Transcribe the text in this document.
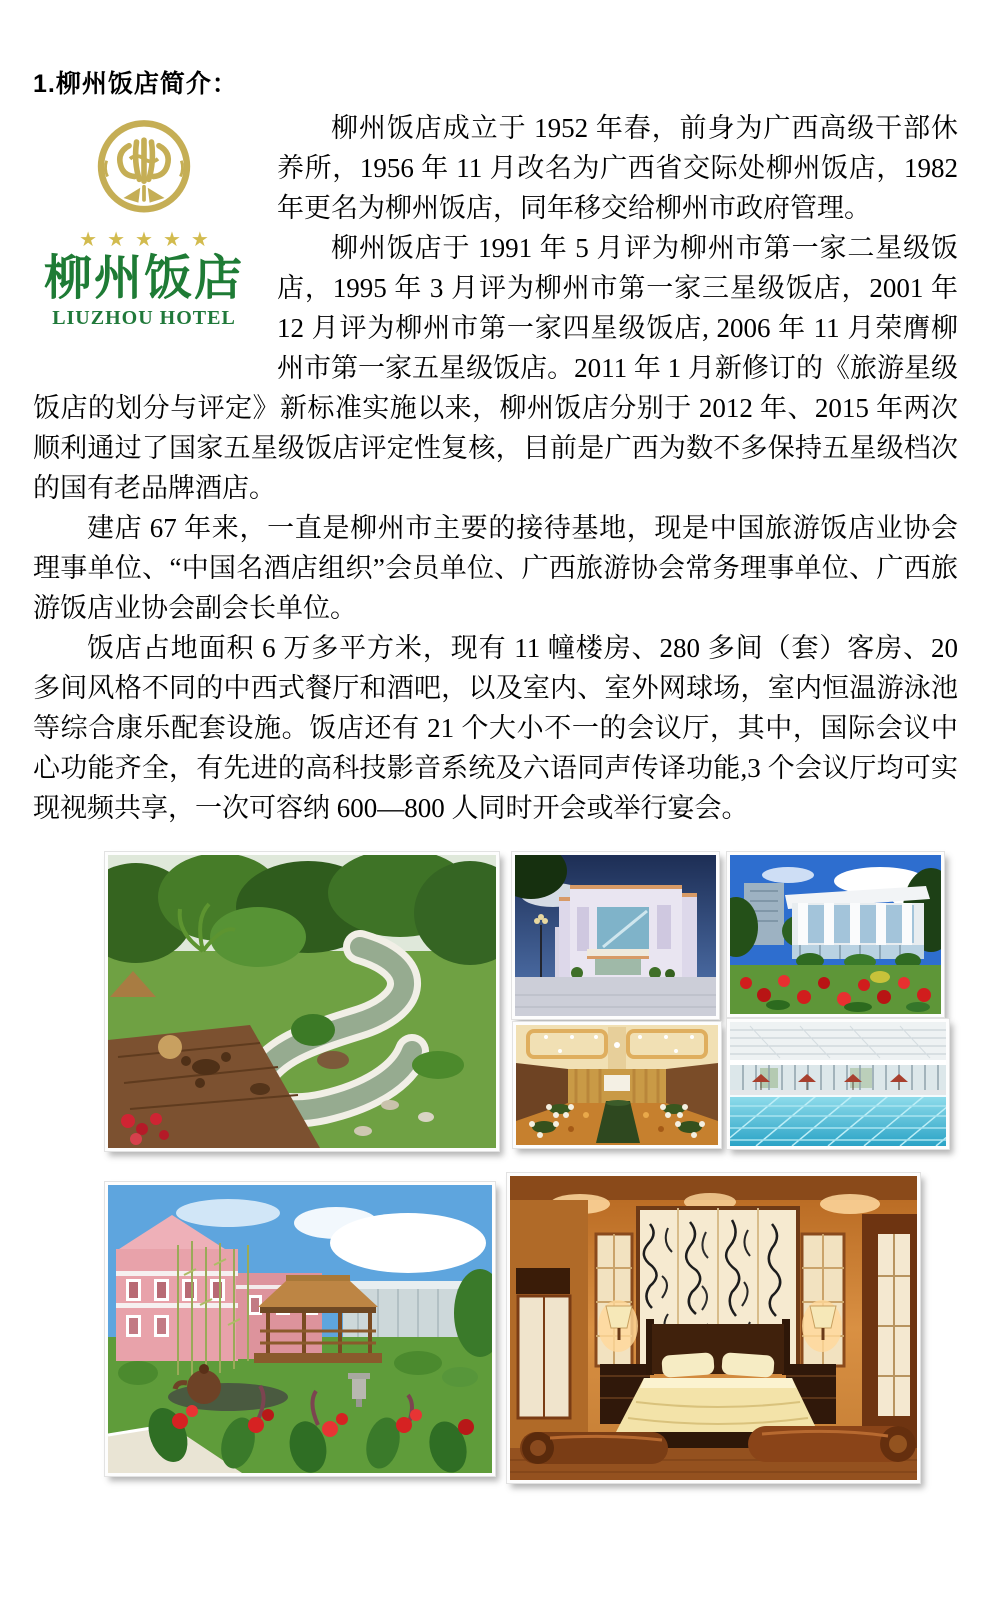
1.柳州饭店简介：
★★★★★
柳州饭店
LIUZHOU HOTEL

柳州饭店成立于 1952 年春，前身为广西高级干部休养所，1956 年 11 月改名为广西省交际处柳州饭店，1982 年更名为柳州饭店，同年移交给柳州市政府管理。

柳州饭店于 1991 年 5 月评为柳州市第一家二星级饭店，1995 年 3 月评为柳州市第一家三星级饭店，2001 年 12 月评为柳州市第一家四星级饭店, 2006 年 11 月荣膺柳州市第一家五星级饭店。2011 年 1 月新修订的《旅游星级饭店的划分与评定》新标准实施以来，柳州饭店分别于 2012 年、2015 年两次顺利通过了国家五星级饭店评定性复核，目前是广西为数不多保持五星级档次的国有老品牌酒店。

建店 67 年来，一直是柳州市主要的接待基地，现是中国旅游饭店业协会理事单位、“中国名酒店组织”会员单位、广西旅游协会常务理事单位、广西旅游饭店业协会副会长单位。

饭店占地面积 6 万多平方米，现有 11 幢楼房、280 多间（套）客房、20 多间风格不同的中西式餐厅和酒吧，以及室内、室外网球场，室内恒温游泳池等综合康乐配套设施。饭店还有 21 个大小不一的会议厅，其中，国际会议中心功能齐全，有先进的高科技影音系统及六语同声传译功能,3 个会议厅均可实现视频共享，一次可容纳 600—800 人同时开会或举行宴会。
